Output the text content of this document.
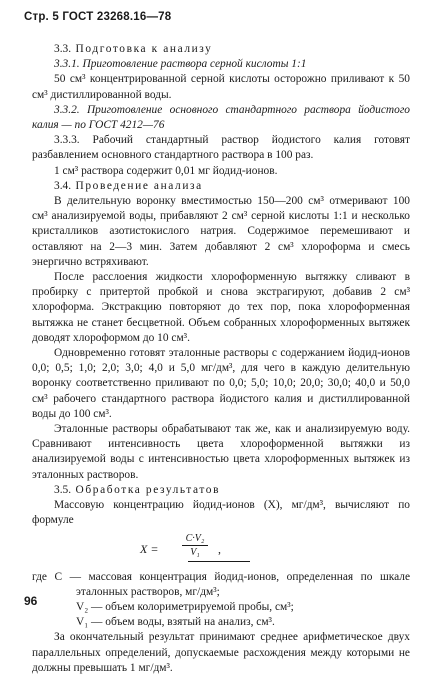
Стр. 5 ГОСТ 23268.16—78

3.3. Подготовка к анализу

3.3.1. Приготовление раствора серной кислоты 1:1

50 см³ концентрированной серной кислоты осторожно приливают к 50 см³ дистиллированной воды.

3.3.2. Приготовление основного стандартного раствора йодистого калия — по ГОСТ 4212—76

3.3.3. Рабочий стандартный раствор йодистого калия готовят разбавлением основного стандартного раствора в 100 раз.

1 см³ раствора содержит 0,01 мг йодид-ионов.

3.4. Проведение анализа

В делительную воронку вместимостью 150—200 см³ отмеривают 100 см³ анализируемой воды, прибавляют 2 см³ серной кислоты 1:1 и несколько кристалликов азотистокислого натрия. Содержимое перемешивают и оставляют на 2—3 мин. Затем добавляют 2 см³ хлороформа и смесь энергично встряхивают.

После расслоения жидкости хлороформенную вытяжку сливают в пробирку с притертой пробкой и снова экстрагируют, добавив 2 см³ хлороформа. Экстракцию повторяют до тех пор, пока хлороформенная вытяжка не станет бесцветной. Объем собранных хлороформенных вытяжек доводят хлороформом до 10 см³.

Одновременно готовят эталонные растворы с содержанием йодид-ионов 0,0; 0,5; 1,0; 2,0; 3,0; 4,0 и 5,0 мг/дм³, для чего в каждую делительную воронку соответственно приливают по 0,0; 5,0; 10,0; 20,0; 30,0; 40,0 и 50,0 см³ рабочего стандартного раствора йодистого калия и дистиллированной воды до 100 см³.

Эталонные растворы обрабатывают так же, как и анализируемую воду. Сравнивают интенсивность цвета хлороформенной вытяжки из анализируемой воды с интенсивностью цвета хлороформенных вытяжек из эталонных растворов.

3.5. Обработка результатов

Массовую концентрацию йодид-ионов (X), мг/дм³, вычисляют по формуле

$X = \frac{\text{C·V₂}}{\text{V₁}}$ ,

где C — массовая концентрация йодид-ионов, определенная по шкале эталонных растворов, мг/дм³;

V₂ — объем колориметрируемой пробы, см³;

V₁ — объем воды, взятый на анализ, см³.

За окончательный результат принимают среднее арифметическое двух параллельных определений, допускаемые расхождения между которыми не должны превышать 1 мг/дм³.

96
